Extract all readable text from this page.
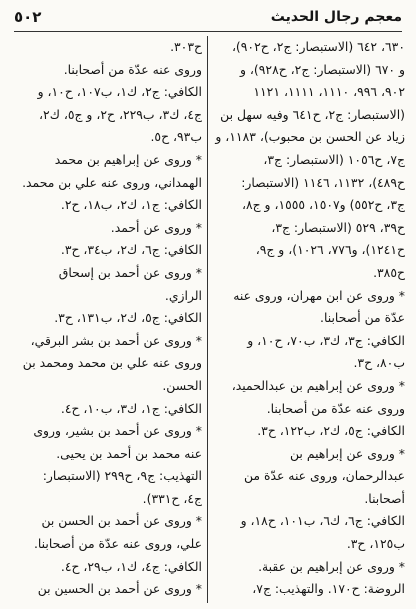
٥٠٢	معجم رجال الحديث
٦٣٠، ٦٤٢ (الاستبصار: ج٢، ح٩٠٢)،
و ٦٧٠ (الاستبصار: ج٢، ح٩٢٨)، و
٩٠٢، ٩٩٦، ١١١٠، ١١١١، ١١٢١
(الاستبصار: ج٢، ح٦٤١ وفيه سهل بن
زياد عن الحسن بن محبوب)، ١١٨٣، و
ج٧، ح١٠٥٦ (الاستبصار: ج٣،
ح٤٨٩)، ١١٣٢، ١١٤٦ (الاستبصار:
ج٣، ح٥٥٢) و١٥٠٧، ١٥٥٥، و ج٨،
ح٣٩، ٥٢٩ (الاستبصار: ج٣،
ح١٢٤١)، و٧٧٦، ١٠٢٦)، و ج٩،
ح٣٨٥.
* وروى عن ابن مهران، وروى عنه
عدّة من أصحابنا.
الكافي: ج٣، ك٣، ب٧٠، ح١٠، و
ب٨٠، ح٣.
* وروى عن إبراهيم بن عبدالحميد،
وروى عنه عدّة من أصحابنا.
الكافي: ج٥، ك٢، ب١٢٢، ح٣.
* وروى عن إبراهيم بن
عبدالرحمان، وروى عنه عدّة من
أصحابنا.
الكافي: ج٦، ك٦، ب١٠١، ح١٨، و
ب١٢٥، ح٣.
* وروى عن إبراهيم بن عقبة.
الروضة: ح١٧٠. والتهذيب: ج٧،
ح٣٠٣.
وروى عنه عدّة من أصحابنا.
الكافي: ج٢، ك١، ب١٠٧، ح١٠، و
ج٤، ك٣، ب٢٢٩، ح٢، و ج٥، ك٢،
ب٩٣، ح٥.
* وروى عن إبراهيم بن محمد
الهمداني، وروى عنه علي بن محمد.
الكافي: ج١، ك٢، ب١٨، ح٢.
* وروى عن أحمد.
الكافي: ج٦، ك٢، ب٣٤، ح٣.
* وروى عن أحمد بن إسحاق
الرازي.
الكافي: ج٥، ك٢، ب١٣١، ح٣.
* وروى عن أحمد بن بشر البرقي،
وروى عنه علي بن محمد ومحمد بن
الحسن.
الكافي: ج١، ك٣، ب١٠، ح٤.
* وروى عن أحمد بن بشير، وروى
عنه محمد بن أحمد بن يحيى.
التهذيب: ج٩، ح٢٩٩ (الاستبصار:
ج٤، ح٣٣١).
* وروى عن أحمد بن الحسن بن
علي، وروى عنه عدّة من أصحابنا.
الكافي: ج٤، ك١، ب٢٩، ح٤.
* وروى عن أحمد بن الحسين بن
